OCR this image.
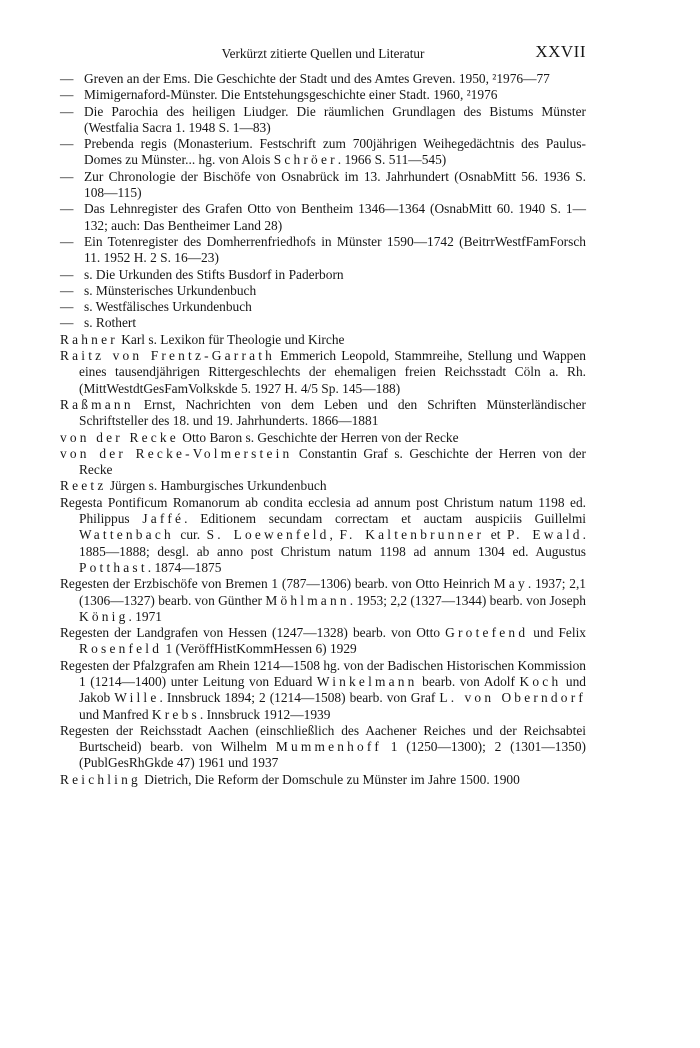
Verkürzt zitierte Quellen und Literatur	XXVII
— Greven an der Ems. Die Geschichte der Stadt und des Amtes Greven. 1950, ²1976—77
— Mimigernaford-Münster. Die Entstehungsgeschichte einer Stadt. 1960, ²1976
— Die Parochia des heiligen Liudger. Die räumlichen Grundlagen des Bistums Münster (Westfalia Sacra 1. 1948 S. 1—83)
— Prebenda regis (Monasterium. Festschrift zum 700jährigen Weihegedächtnis des Paulus-Domes zu Münster... hg. von Alois Schröer. 1966 S. 511—545)
— Zur Chronologie der Bischöfe von Osnabrück im 13. Jahrhundert (OsnabMitt 56. 1936 S. 108—115)
— Das Lehnregister des Grafen Otto von Bentheim 1346—1364 (OsnabMitt 60. 1940 S. 1—132; auch: Das Bentheimer Land 28)
— Ein Totenregister des Domherrenfriedhofs in Münster 1590—1742 (BeitrrWestfFamForsch 11. 1952 H. 2 S. 16—23)
— s. Die Urkunden des Stifts Busdorf in Paderborn
— s. Münsterisches Urkundenbuch
— s. Westfälisches Urkundenbuch
— s. Rothert
Rahner Karl s. Lexikon für Theologie und Kirche
Raitz von Frentz-Garrath Emmerich Leopold, Stammreihe, Stellung und Wappen eines tausendjährigen Rittergeschlechts der ehemaligen freien Reichsstadt Cöln a. Rh. (MittWestdtGesFamVolkskde 5. 1927 H. 4/5 Sp. 145—188)
Raßmann Ernst, Nachrichten von dem Leben und den Schriften Münsterländischer Schriftsteller des 18. und 19. Jahrhunderts. 1866—1881
von der Recke Otto Baron s. Geschichte der Herren von der Recke
von der Recke-Volmerstein Constantin Graf s. Geschichte der Herren von der Recke
Reetz Jürgen s. Hamburgisches Urkundenbuch
Regesta Pontificum Romanorum ab condita ecclesia ad annum post Christum natum 1198 ed. Philippus Jaffé. Editionem secundam correctam et auctam auspiciis Guillelmi Wattenbach cur. S. Loewenfeld, F. Kaltenbrunner et P. Ewald. 1885—1888; desgl. ab anno post Christum natum 1198 ad annum 1304 ed. Augustus Potthast. 1874—1875
Regesten der Erzbischöfe von Bremen 1 (787—1306) bearb. von Otto Heinrich May. 1937; 2,1 (1306—1327) bearb. von Günther Möhlmann. 1953; 2,2 (1327—1344) bearb. von Joseph König. 1971
Regesten der Landgrafen von Hessen (1247—1328) bearb. von Otto Grotefend und Felix Rosenfeld 1 (VeröffHistKommHessen 6) 1929
Regesten der Pfalzgrafen am Rhein 1214—1508 hg. von der Badischen Historischen Kommission 1 (1214—1400) unter Leitung von Eduard Winkelmann bearb. von Adolf Koch und Jakob Wille. Innsbruck 1894; 2 (1214—1508) bearb. von Graf L. von Oberndorf und Manfred Krebs. Innsbruck 1912—1939
Regesten der Reichsstadt Aachen (einschließlich des Aachener Reiches und der Reichsabtei Burtscheid) bearb. von Wilhelm Mummenhoff 1 (1250—1300); 2 (1301—1350) (PublGesRhGkde 47) 1961 und 1937
Reichling Dietrich, Die Reform der Domschule zu Münster im Jahre 1500. 1900
